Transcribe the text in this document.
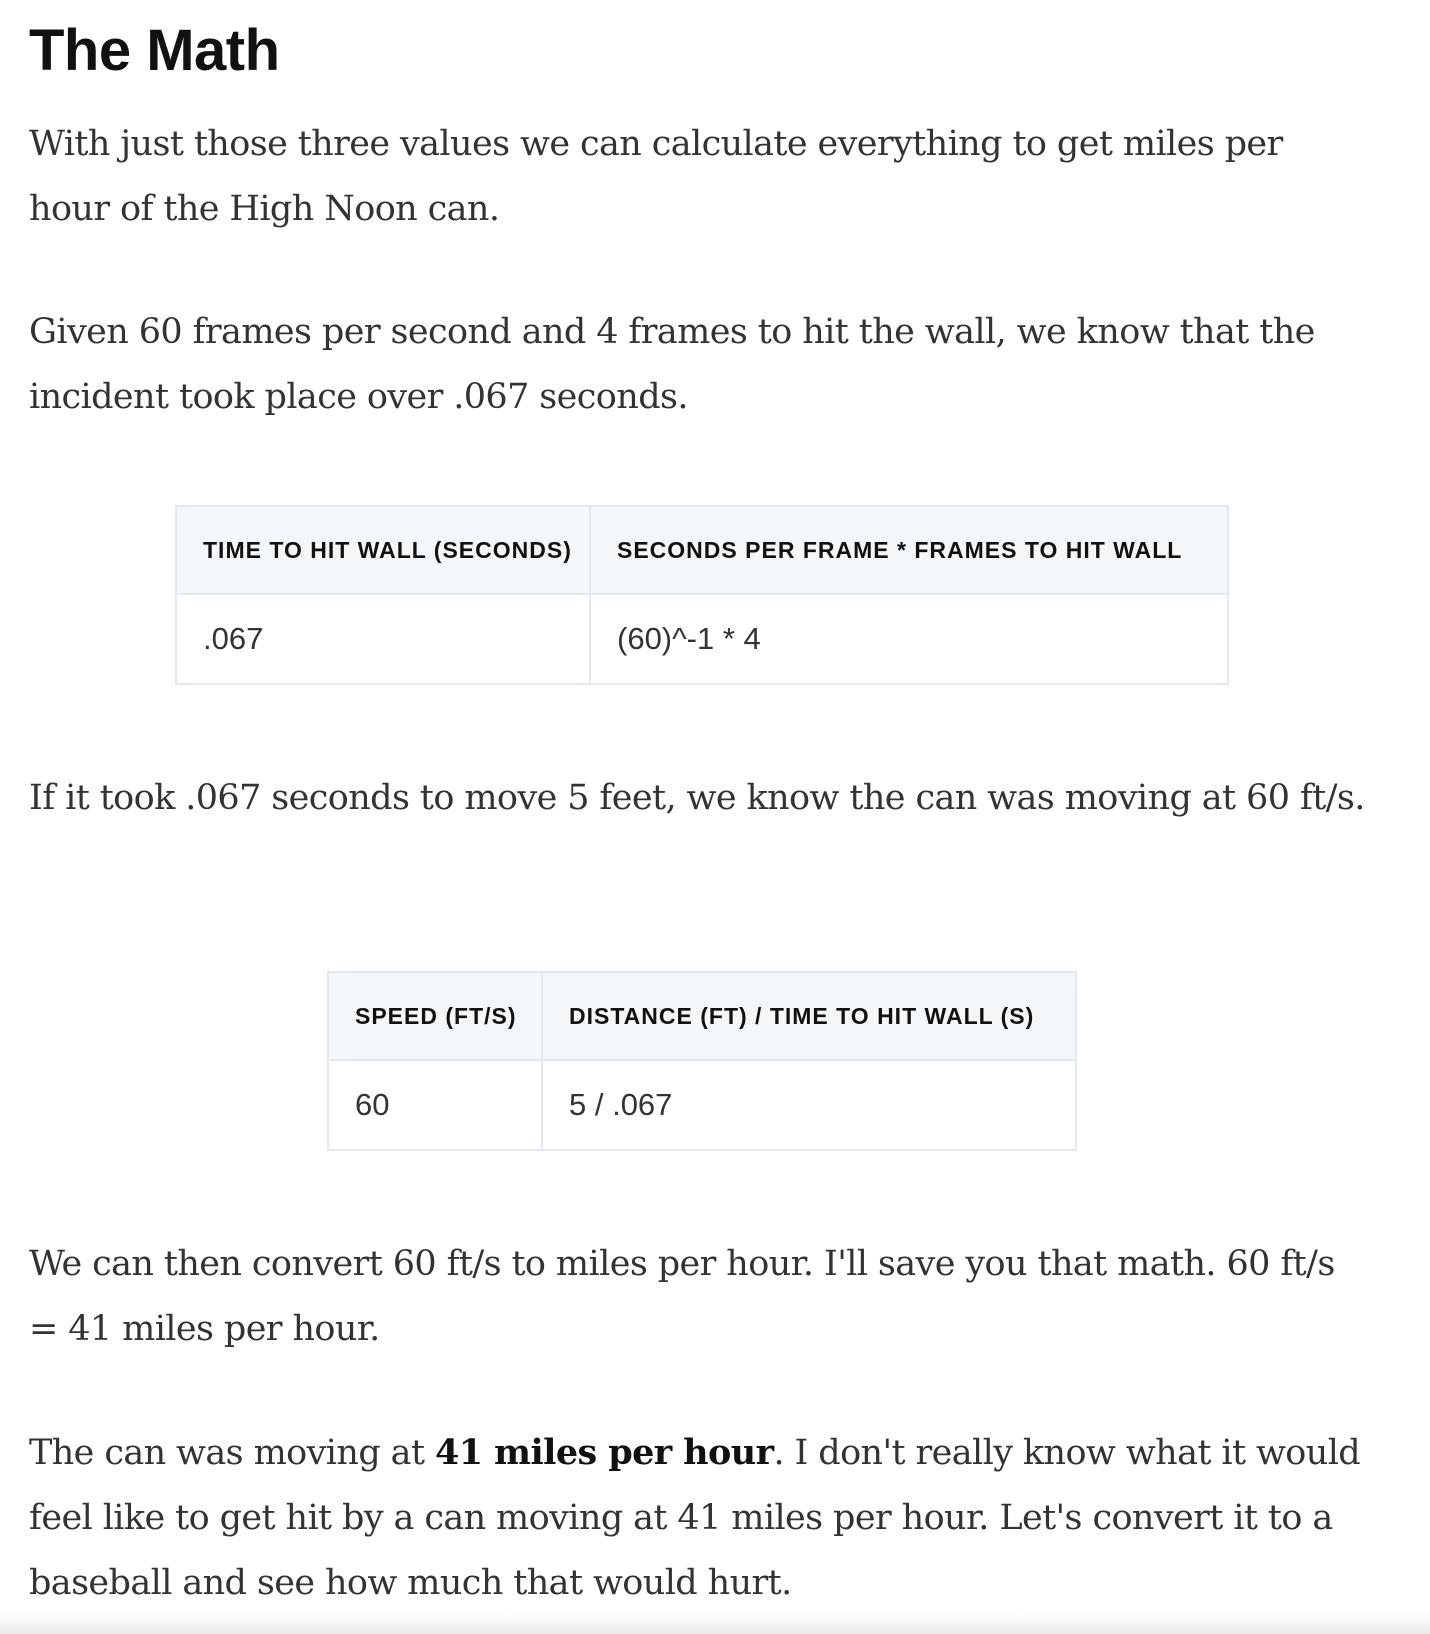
The Math

With just those three values we can calculate everything to get miles per hour of the High Noon can.

Given 60 frames per second and 4 frames to hit the wall, we know that the incident took place over .067 seconds.

If it took .067 seconds to move 5 feet, we know the can was moving at 60 ft/s.

We can then convert 60 ft/s to miles per hour. I'll save you that math. 60 ft/s = 41 miles per hour.

The can was moving at 41 miles per hour. I don't really know what it would feel like to get hit by a can moving at 41 miles per hour. Let's convert it to a baseball and see how much that would hurt.

TIME TO HIT WALL (SECONDS)	SECONDS PER FRAME * FRAMES TO HIT WALL
.067	(60)^-1 * 4
SPEED (FT/S)	DISTANCE (FT) / TIME TO HIT WALL (S)
60	5 / .067
